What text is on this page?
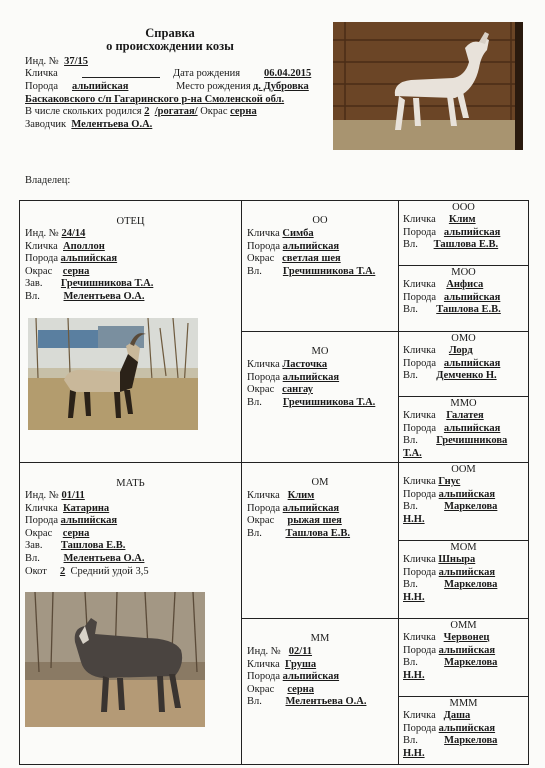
Справка
о происхождении козы
Инд. № 37/15
Кличка	Дата рождения 06.04.2015
Порода альпийская	Место рождения д. Дубровка
Баскаковского с/п Гагаринского р-на Смоленской обл.
В числе скольких родился 2 /рогатая/ Окрас серна
Заводчик Мелентьева О.А.
Владелец:
ОТЕЦ
Инд. № 24/14
Кличка Аполлон
Порода альпийская
Окрас серна
Зав. Гречишникова Т.А.
Вл. Мелентьева О.А.
МАТЬ
Инд. № 01/11
Кличка Катарина
Порода альпийская
Окрас серна
Зав. Ташлова Е.В.
Вл. Мелентьева О.А.
Окот 2 Средний удой 3,5
ОО
Кличка Симба
Порода альпийская
Окрас светлая шея
Вл. Гречишникова Т.А.
МО
Кличка Ласточка
Порода альпийская
Окрас сангау
Вл. Гречишникова Т.А.
ОМ
Кличка Клим
Порода альпийская
Окрас рыжая шея
Вл. Ташлова Е.В.
ММ
Инд. № 02/11
Кличка Груша
Порода альпийская
Окрас серна
Вл. Мелентьева О.А.
ООО
Кличка Клим
Порода альпийская
Вл. Ташлова Е.В.
МОО
Кличка Анфиса
Порода альпийская
Вл. Ташлова Е.В.
ОМО
Кличка Лорд
Порода альпийская
Вл. Демченко Н.
ММО
Кличка Галатея
Порода альпийская
Вл. Гречишникова
Т.А.
ООМ
Кличка Гнус
Порода альпийская
Вл.	Маркелова
Н.Н.
МОМ
Кличка Шныра
Порода альпийская
Вл.	Маркелова
Н.Н.
ОММ
Кличка Червонец
Порода альпийская
Вл.	Маркелова
Н.Н.
МММ
Кличка Даша
Порода альпийская
Вл.	Маркелова
Н.Н.
